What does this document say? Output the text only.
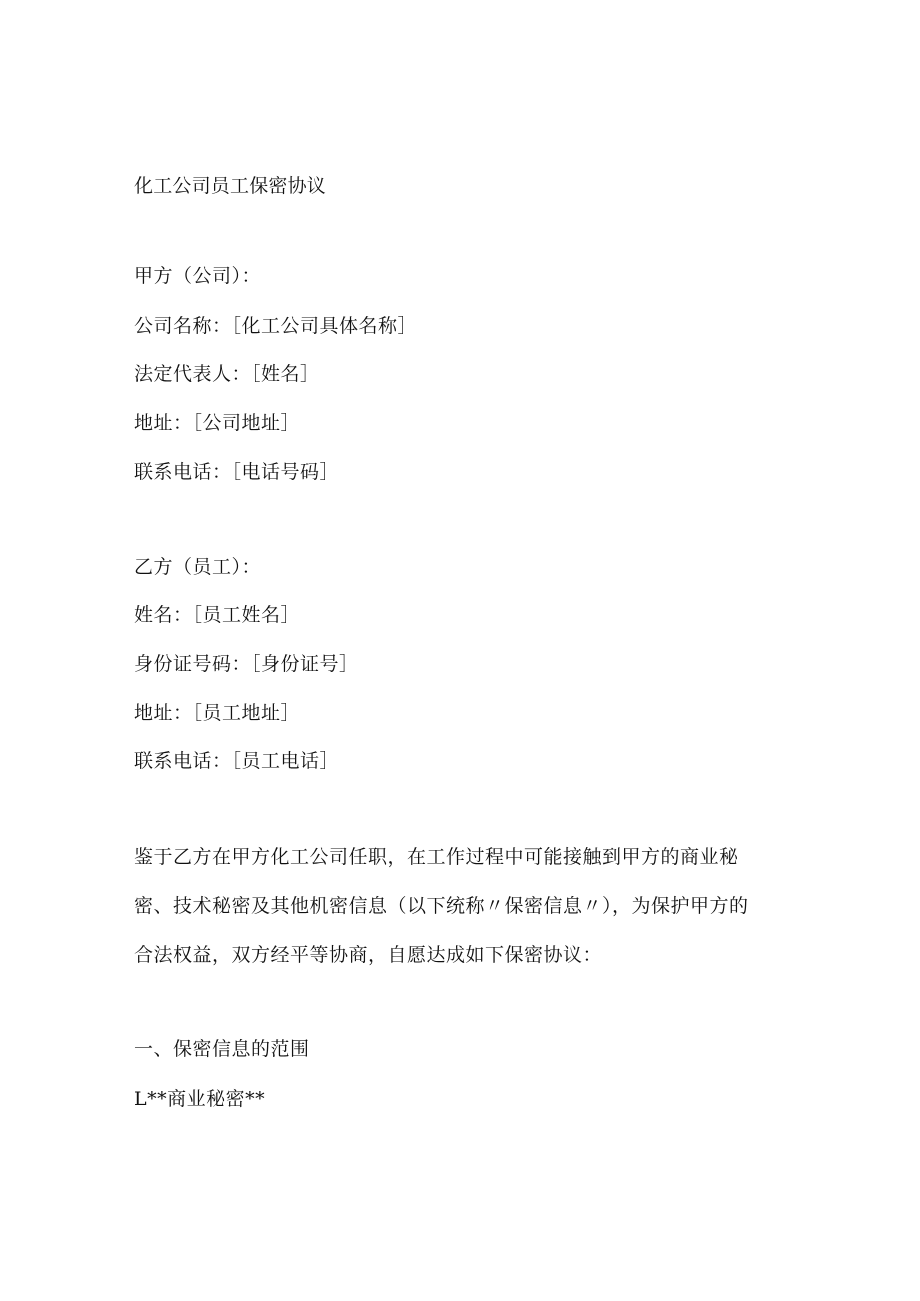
化工公司员工保密协议
甲方（公司）：
公司名称：［化工公司具体名称］
法定代表人：［姓名］
地址：［公司地址］
联系电话：［电话号码］
乙方（员工）：
姓名：［员工姓名］
身份证号码：［身份证号］
地址：［员工地址］
联系电话：［员工电话］
鉴于乙方在甲方化工公司任职，在工作过程中可能接触到甲方的商业秘
密、技术秘密及其他机密信息（以下统称〃保密信息〃），为保护甲方的
合法权益，双方经平等协商，自愿达成如下保密协议：
一、保密信息的范围
L**商业秘密**
